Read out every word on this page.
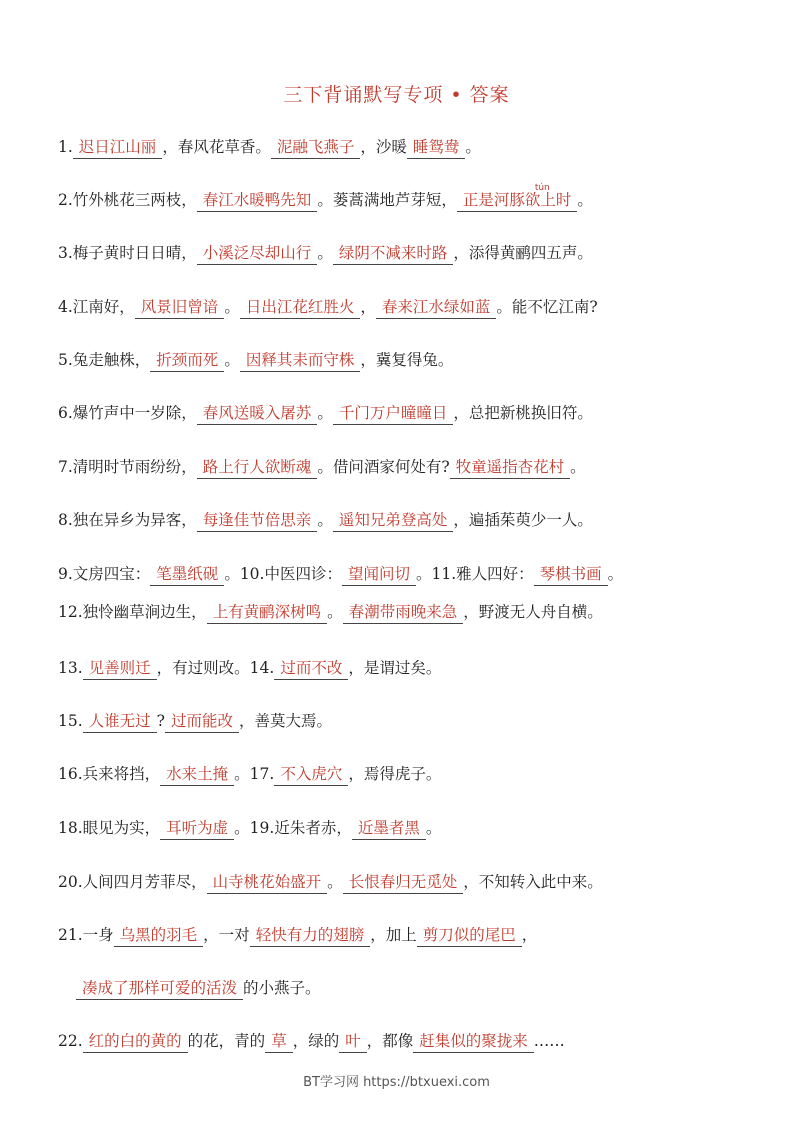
三下背诵默写专项 • 答案
1. 迟日江山丽 ，春风花草香。 泥融飞燕子 ，沙暖 睡鸳鸯 。
2.竹外桃花三两枝， 春江水暖鸭先知 。蒌蒿满地芦芽短， 正是河豚欲上时
tún
。
3.梅子黄时日日晴， 小溪泛尽却山行 。 绿阴不减来时路 ，添得黄鹂四五声。
4.江南好， 风景旧曾谙 。 日出江花红胜火 ， 春来江水绿如蓝 。能不忆江南?
5.兔走触株， 折颈而死 。 因释其耒而守株 ，冀复得兔。
6.爆竹声中一岁除， 春风送暖入屠苏 。 千门万户曈曈日 ，总把新桃换旧符。
7.清明时节雨纷纷， 路上行人欲断魂 。借问酒家何处有? 牧童遥指杏花村 。
8.独在异乡为异客， 每逢佳节倍思亲 。 遥知兄弟登高处 ，遍插茱萸少一人。
9.文房四宝： 笔墨纸砚 。10.中医四诊： 望闻问切 。11.雅人四好： 琴棋书画 。
12.独怜幽草涧边生， 上有黄鹂深树鸣 。 春潮带雨晚来急 ，野渡无人舟自横。
13. 见善则迁 ，有过则改。14. 过而不改 ，是谓过矣。
15. 人谁无过 ? 过而能改 ，善莫大焉。
16.兵来将挡， 水来土掩 。17. 不入虎穴 ，焉得虎子。
18.眼见为实， 耳听为虚 。19.近朱者赤， 近墨者黑 。
20.人间四月芳菲尽， 山寺桃花始盛开 。 长恨春归无觅处 ，不知转入此中来。
21.一身 乌黑的羽毛 ，一对 轻快有力的翅膀 ，加上 剪刀似的尾巴 ，
凑成了那样可爱的活泼 的小燕子。
22. 红的白的黄的 的花，青的 草 ，绿的 叶 ，都像 赶集似的聚拢来 ……
BT学习网 https://btxuexi.com
